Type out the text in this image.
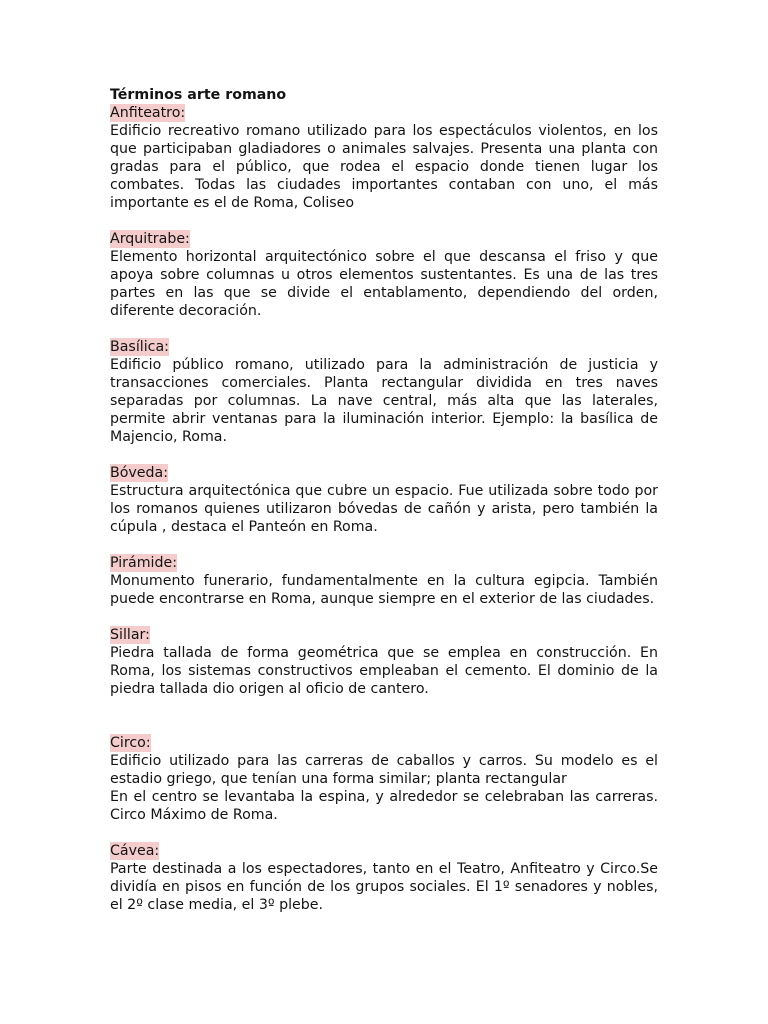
Términos arte romano

Anfiteatro:

Edificio recreativo romano utilizado para los espectáculos violentos, en los que participaban gladiadores o animales salvajes. Presenta una planta con gradas para el público, que rodea el espacio donde tienen lugar los combates. Todas las ciudades importantes contaban con uno, el más importante es el de Roma, Coliseo

Arquitrabe:

Elemento horizontal arquitectónico sobre el que descansa el friso y que apoya sobre columnas u otros elementos sustentantes. Es una de las tres partes en las que se divide el entablamento, dependiendo del orden, diferente decoración.

Basílica:

Edificio público romano, utilizado para la administración de justicia y transacciones comerciales. Planta rectangular dividida en tres naves separadas por columnas. La nave central, más alta que las laterales, permite abrir ventanas para la iluminación interior. Ejemplo: la basílica de Majencio, Roma.

Bóveda:

Estructura arquitectónica que cubre un espacio. Fue utilizada sobre todo por los romanos quienes utilizaron bóvedas de cañón y arista, pero también la cúpula , destaca el Panteón en Roma.

Pirámide:

Monumento funerario, fundamentalmente en la cultura egipcia. También puede encontrarse en Roma, aunque siempre en el exterior de las ciudades.

Sillar:

Piedra tallada de forma geométrica que se emplea en construcción. En Roma, los sistemas constructivos empleaban el cemento. El dominio de la piedra tallada dio origen al oficio de cantero.

Circo:

Edificio utilizado para las carreras de caballos y carros. Su modelo es el estadio griego, que tenían una forma similar; planta rectangular

En el centro se levantaba la espina, y alrededor se celebraban las carreras. Circo Máximo de Roma.

Cávea:

Parte destinada a los espectadores, tanto en el Teatro, Anfiteatro y Circo.Se dividía en pisos en función de los grupos sociales. El 1º senadores y nobles, el 2º clase media, el 3º plebe.
